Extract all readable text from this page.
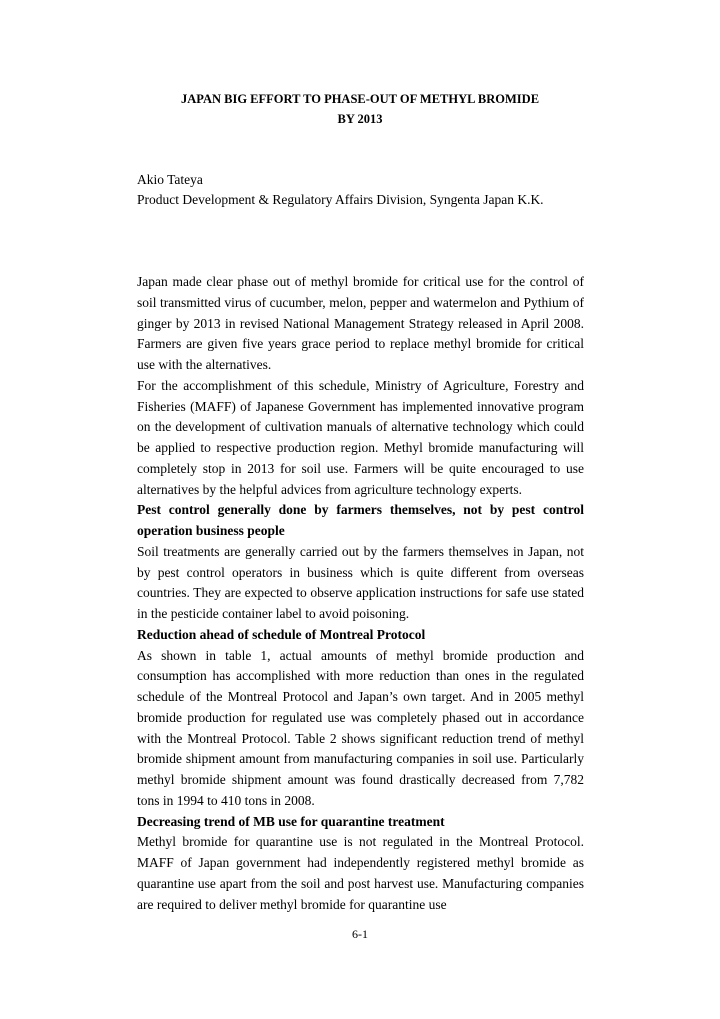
JAPAN BIG EFFORT TO PHASE-OUT OF METHYL BROMIDE
BY 2013
Akio Tateya
Product Development & Regulatory Affairs Division, Syngenta Japan K.K.

Japan made clear phase out of methyl bromide for critical use for the control of soil transmitted virus of cucumber, melon, pepper and watermelon and Pythium of ginger by 2013 in revised National Management Strategy released in April 2008. Farmers are given five years grace period to replace methyl bromide for critical use with the alternatives.

For the accomplishment of this schedule, Ministry of Agriculture, Forestry and Fisheries (MAFF) of Japanese Government has implemented innovative program on the development of cultivation manuals of alternative technology which could be applied to respective production region. Methyl bromide manufacturing will completely stop in 2013 for soil use. Farmers will be quite encouraged to use alternatives by the helpful advices from agriculture technology experts.

Pest control generally done by farmers themselves, not by pest control operation business people

Soil treatments are generally carried out by the farmers themselves in Japan, not by pest control operators in business which is quite different from overseas countries. They are expected to observe application instructions for safe use stated in the pesticide container label to avoid poisoning.

Reduction ahead of schedule of Montreal Protocol

As shown in table 1, actual amounts of methyl bromide production and consumption has accomplished with more reduction than ones in the regulated schedule of the Montreal Protocol and Japan’s own target. And in 2005 methyl bromide production for regulated use was completely phased out in accordance with the Montreal Protocol. Table 2 shows significant reduction trend of methyl bromide shipment amount from manufacturing companies in soil use. Particularly methyl bromide shipment amount was found drastically decreased from 7,782 tons in 1994 to 410 tons in 2008.

Decreasing trend of MB use for quarantine treatment

Methyl bromide for quarantine use is not regulated in the Montreal Protocol. MAFF of Japan government had independently registered methyl bromide as quarantine use apart from the soil and post harvest use. Manufacturing companies are required to deliver methyl bromide for quarantine use

6-1
